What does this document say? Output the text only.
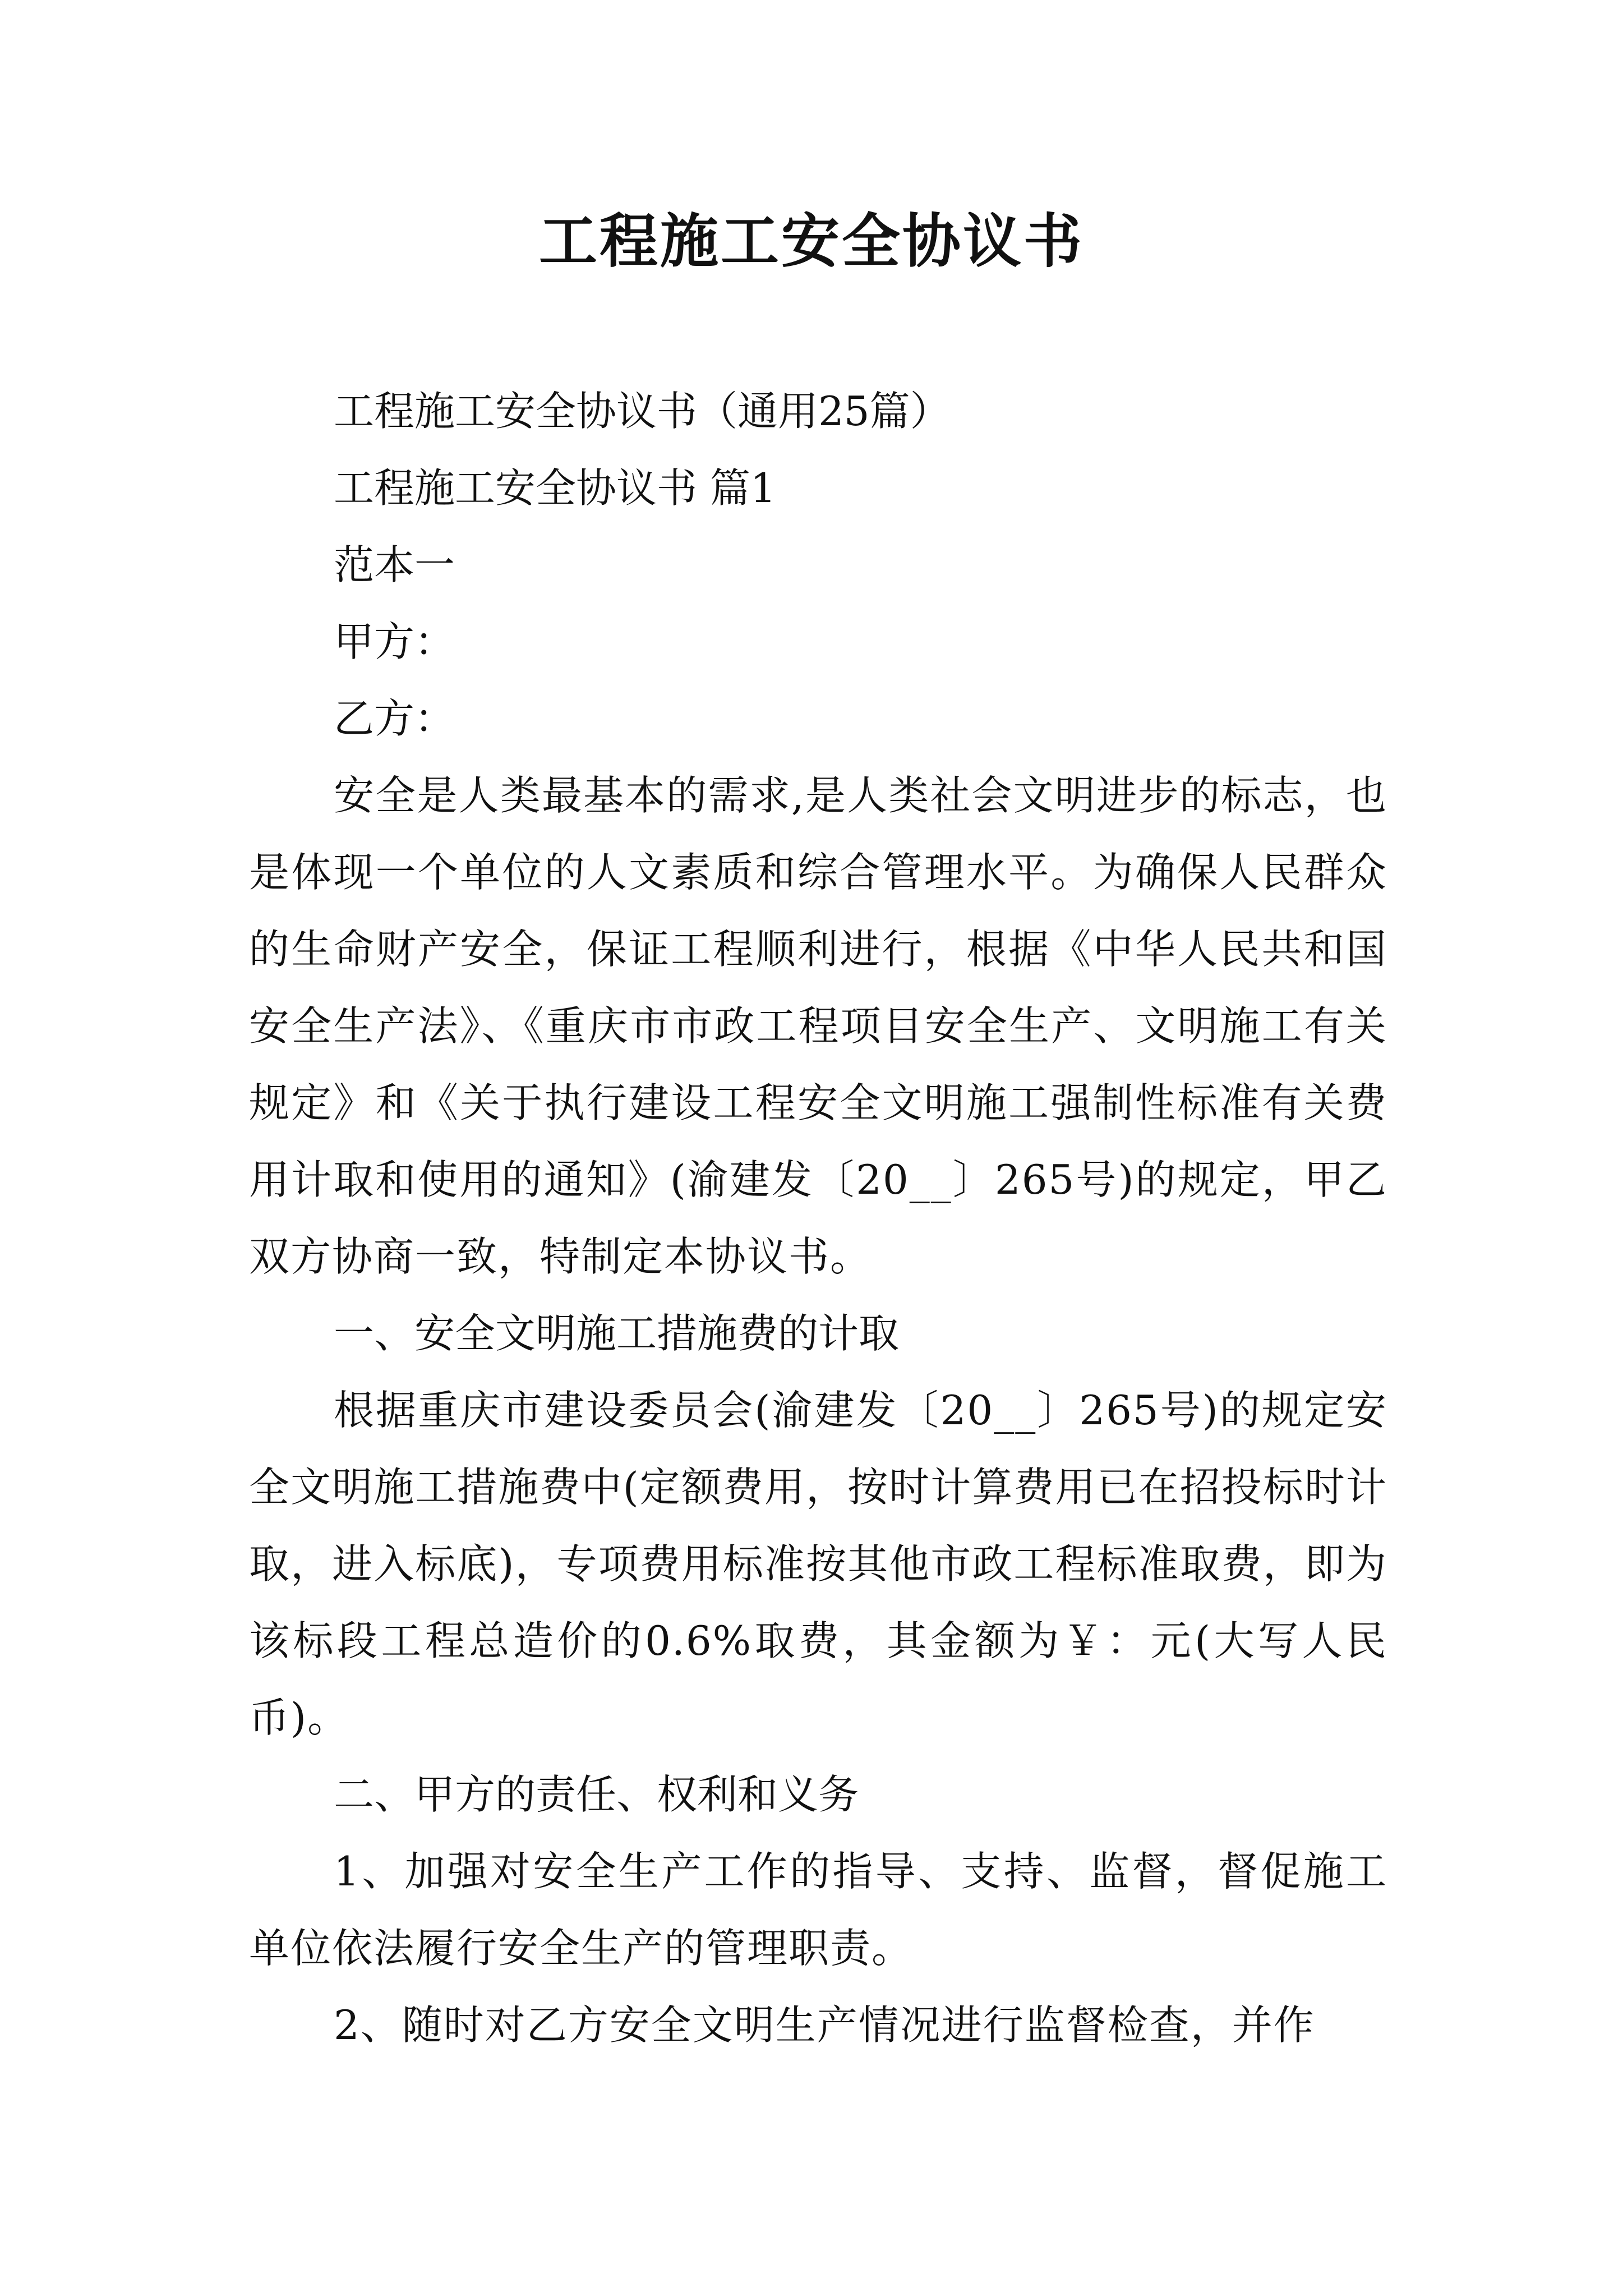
工程施工安全协议书

工程施工安全协议书（通用25篇）

工程施工安全协议书 篇1

范本一

甲方：

乙方：

安全是人类最基本的需求,是人类社会文明进步的标志，也是体现一个单位的人文素质和综合管理水平。为确保人民群众的生命财产安全，保证工程顺利进行，根据《中华人民共和国安全生产法》、《重庆市市政工程项目安全生产、文明施工有关规定》和《关于执行建设工程安全文明施工强制性标准有关费用计取和使用的通知》(渝建发〔20__〕265号)的规定，甲乙双方协商一致，特制定本协议书。

一、安全文明施工措施费的计取

根据重庆市建设委员会(渝建发〔20__〕265号)的规定安全文明施工措施费中(定额费用，按时计算费用已在招投标时计取，进入标底)，专项费用标准按其他市政工程标准取费，即为该标段工程总造价的0.6%取费，其金额为￥：元(大写人民币)。

二、甲方的责任、权利和义务

1、加强对安全生产工作的指导、支持、监督，督促施工单位依法履行安全生产的管理职责。

2、随时对乙方安全文明生产情况进行监督检查，并作
